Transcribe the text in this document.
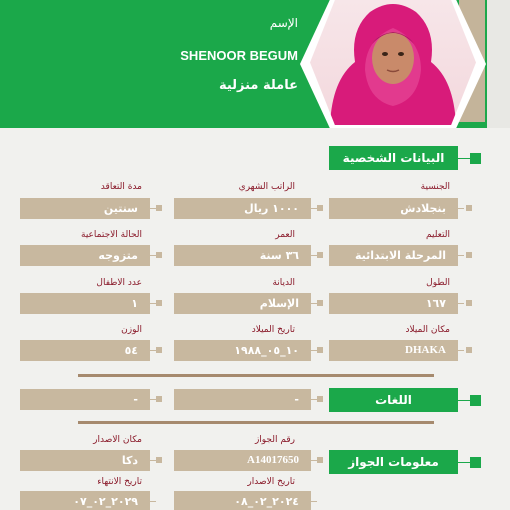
الإسم
SHENOOR BEGUM
عاملة منزلية
البيانات الشخصية
الجنسية
الراتب الشهري
مدة التعاقد
بنجلادش
١٠٠٠ ريال
سنتين
التعليم
العمر
الحالة الاجتماعية
المرحلة الابتدائية
٣٦ سنة
متزوجه
الطول
الديانة
عدد الاطفال
١٦٧
الإسلام
١
مكان الميلاد
تاريخ الميلاد
الوزن
DHAKA
١٠_٠٥_١٩٨٨
٥٤
اللغات
-
-
رقم الجواز
مكان الاصدار
معلومات الجواز
A14017650
دكا
تاريخ الاصدار
تاريخ الانتهاء
٢٠٢٤_٠٢_٠٨
٢٠٢٩_٠٢_٠٧
